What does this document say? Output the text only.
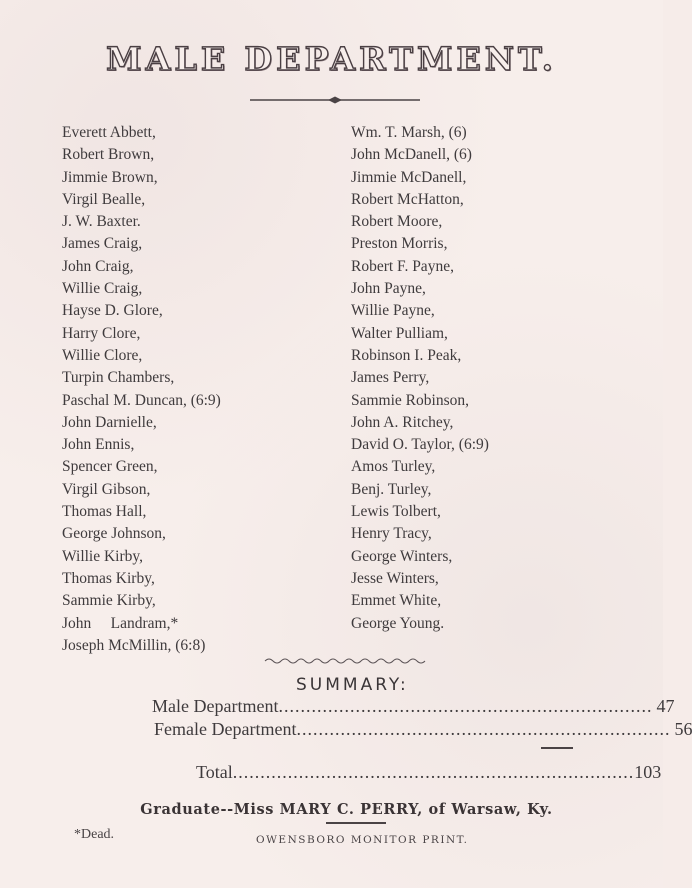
MALE DEPARTMENT.
Everett Abbett,
Robert Brown,
Jimmie Brown,
Virgil Bealle,
J. W. Baxter.
James Craig,
John Craig,
Willie Craig,
Hayse D. Glore,
Harry Clore,
Willie Clore,
Turpin Chambers,
Paschal M. Duncan, (6:9)
John Darnielle,
John Ennis,
Spencer Green,
Virgil Gibson,
Thomas Hall,
George Johnson,
Willie Kirby,
Thomas Kirby,
Sammie Kirby,
John     Landram,*
Joseph McMillin, (6:8)
Wm. T. Marsh, (6)
John McDanell, (6)
Jimmie McDanell,
Robert McHatton,
Robert Moore,
Preston Morris,
Robert F. Payne,
John Payne,
Willie Payne,
Walter Pulliam,
Robinson I. Peak,
James Perry,
Sammie Robinson,
John A. Ritchey,
David O. Taylor, (6:9)
Amos Turley,
Benj. Turley,
Lewis Tolbert,
Henry Tracy,
George Winters,
Jesse Winters,
Emmet White,
George Young.
SUMMARY:
Male Department .................................................................... 47
Female Department .................................................................... 56
Total ......................................................................... 103
Graduate--Miss MARY C. PERRY, of Warsaw, Ky.
*Dead.	OWENSBORO MONITOR PRINT.
